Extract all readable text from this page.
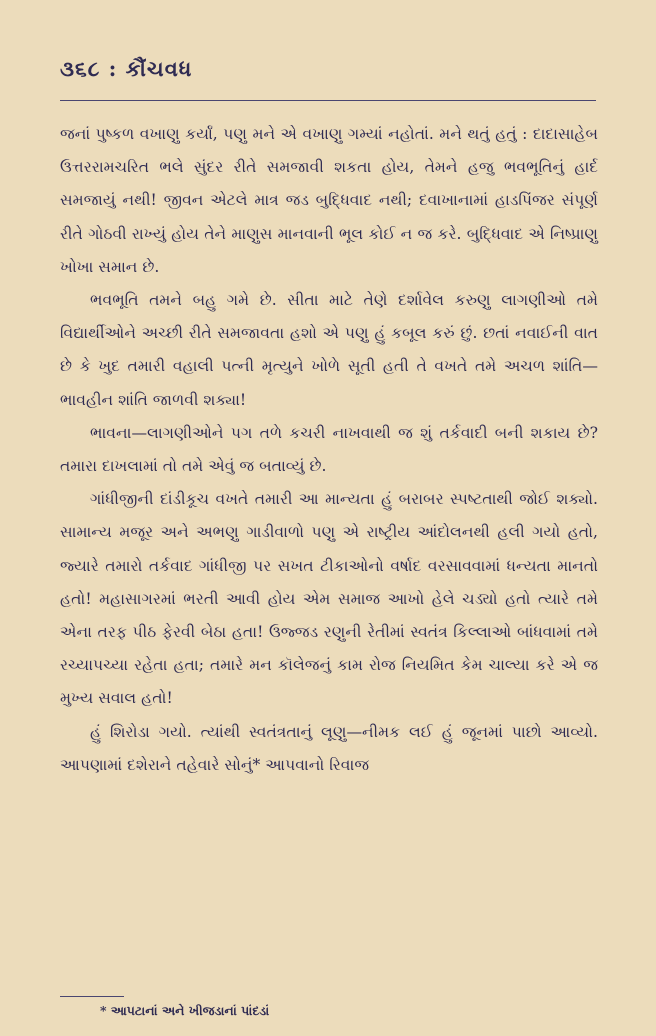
૩૬૮ : કૌંચવધ

જનાં પુષ્કળ વખાણુ કર્યાં, પણુ મને એ વખાણુ ગમ્યાં નહોતાં. મને થતું હતું : દાદાસાહેબ ઉત્તરરામચરિત ભલે સુંદર રીતે સમજાવી શકતા હોય, તેમને હજુ ભવભૂતિનું હાર્દ સમજાયું નથી! જીવન એટલે માત્ર જડ બુદ્ધિવાદ નથી; દવાખાનામાં હાડપિંજર સંપૂર્ણ રીતે ગોઠવી રાખ્યું હોય તેને માણુસ માનવાની ભૂલ કોઈ ન જ કરે. બુદ્ધિવાદ એ નિષ્પ્રાણુ ખોખા સમાન છે.

ભવભૂતિ તમને બહુ ગમે છે. સીતા માટે તેણે દર્શાવેલ કરુણુ લાગણીઓ તમે વિદ્યાર્થીઓને અચ્છી રીતે સમજાવતા હશો એ પણુ હું કબૂલ કરું છું. છતાં નવાઈની વાત છે કે ખુદ તમારી વહાલી પત્ની મૃત્યુને ખોળે સૂતી હતી તે વખતે તમે અચળ શાંતિ—ભાવહીન શાંતિ જાળવી શક્યા!

ભાવના—લાગણીઓને પગ તળે કચરી નાખવાથી જ શું તર્કવાદી બની શકાય છે? તમારા દાખલામાં તો તમે એવું જ બતાવ્યું છે.

ગાંધીજીની દાંડીકૂચ વખતે તમારી આ માન્યતા હું બરાબર સ્પષ્ટતાથી જોઈ શક્યો. સામાન્ય મજૂર અને અભણુ ગાડીવાળો પણુ એ રાષ્ટ્રીય આંદોલનથી હલી ગયો હતો, જ્યારે તમારો તર્કવાદ ગાંધીજી પર સખત ટીકાઓનો વર્ષાદ વરસાવવામાં ધન્યતા માનતો હતો! મહાસાગરમાં ભરતી આવી હોય એમ સમાજ આખો હેલે ચડ્યો હતો ત્યારે તમે એના તરફ પીઠ ફેરવી બેઠા હતા! ઉજ્જડ રણુની રેતીમાં સ્વતંત્ર કિલ્લાઓ બાંધવામાં તમે રચ્યાપચ્યા રહેતા હતા; તમારે મન કૉલેજનું કામ રોજ નિયમિત કેમ ચાલ્યા કરે એ જ મુખ્ય સવાલ હતો!

હું શિરોડા ગયો. ત્યાંથી સ્વતંત્રતાનું લૂણુ—નીમક લઈ હું જૂનમાં પાછો આવ્યો. આપણામાં દશેરાને તહેવારે સોનું* આપવાનો રિવાજ

* આપટાનાં અને ખીજડાનાં પાંદડાં
